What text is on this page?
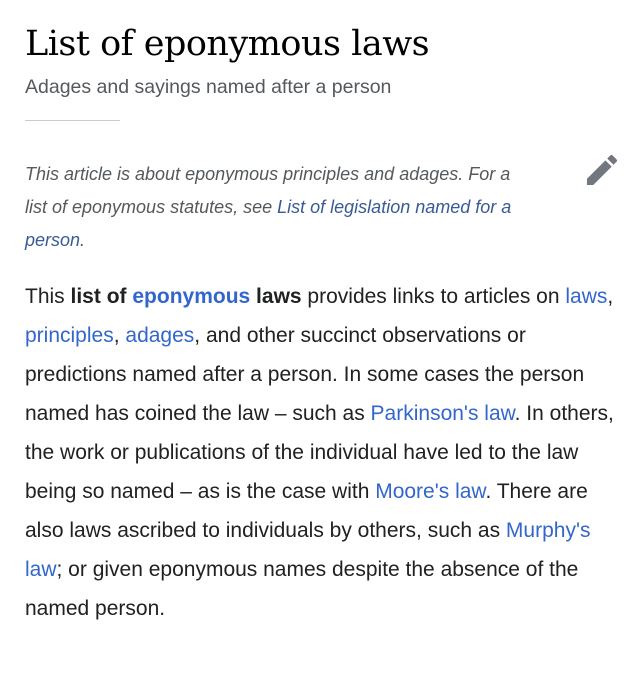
List of eponymous laws
Adages and sayings named after a person
This article is about eponymous principles and adages. For a list of eponymous statutes, see List of legislation named for a person.

This list of eponymous laws provides links to articles on laws, principles, adages, and other succinct observations or predictions named after a person. In some cases the person named has coined the law – such as Parkinson's law. In others, the work or publications of the individual have led to the law being so named – as is the case with Moore's law. There are also laws ascribed to individuals by others, such as Murphy's law; or given eponymous names despite the absence of the named person.
